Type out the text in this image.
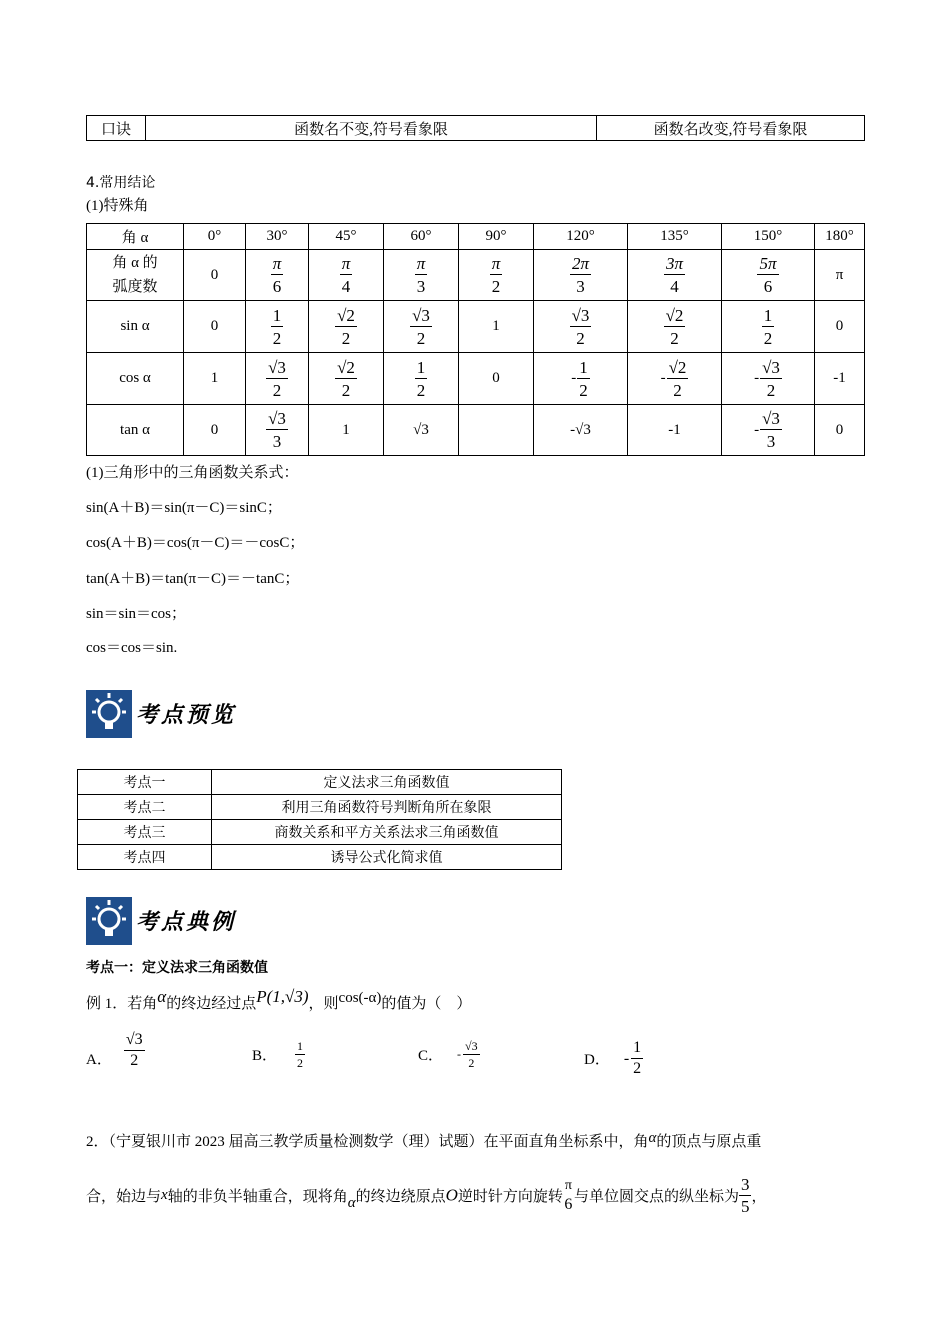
口诀	函数名不变,符号看象限	函数名改变,符号看象限
4.常用结论
(1)特殊角
角 α	0°	30°	45°	60°	90°	120°	135°	150°	180°
角 α 的
弧度数	0	$\frac{\pi}{6}$	$\frac{\pi}{4}$	$\frac{\pi}{3}$	$\frac{\pi}{2}$	$\frac{2\pi}{3}$	$\frac{3\pi}{4}$	$\frac{5\pi}{6}$	π
sin α	0	$\frac{1}{2}$	$\frac{√2}{2}$	$\frac{√3}{2}$	1	$\frac{√3}{2}$	$\frac{√2}{2}$	$\frac{1}{2}$	0
cos α	1	$\frac{√3}{2}$	$\frac{√2}{2}$	$\frac{1}{2}$	0	- $\frac{1}{2}$	- $\frac{√2}{2}$	- $\frac{√3}{2}$	-1
tan α	0	$\frac{√3}{3}$	1	√3		-√3	-1	- $\frac{√3}{3}$	0
(1)三角形中的三角函数关系式：
sin(A＋B)＝sin(π－C)＝sinC；
cos(A＋B)＝cos(π－C)＝－cosC；
tan(A＋B)＝tan(π－C)＝－tanC；
sin＝sin＝cos；
cos＝cos＝sin.
考点预览
考点一	定义法求三角函数值
考点二	利用三角函数符号判断角所在象限
考点三	商数关系和平方关系法求三角函数值
考点四	诱导公式化简求值
考点典例
考点一：定义法求三角函数值
例 1．若角α的终边经过点P(1,√3)，则cos(-α)的值为（　）
A． $\frac{√3}{2}$	B． $\frac{1}{2}$	C． - $\frac{√3}{2}$	D． - $\frac{1}{2}$
2．（宁夏银川市 2023 届高三教学质量检测数学（理）试题）在平面直角坐标系中，角α的顶点与原点重
合，始边与x轴的非负半轴重合，现将角α的终边绕原点O逆时针方向旋转
π
6 与单位圆交点的纵坐标为 $\frac{3}{5}$ ，
